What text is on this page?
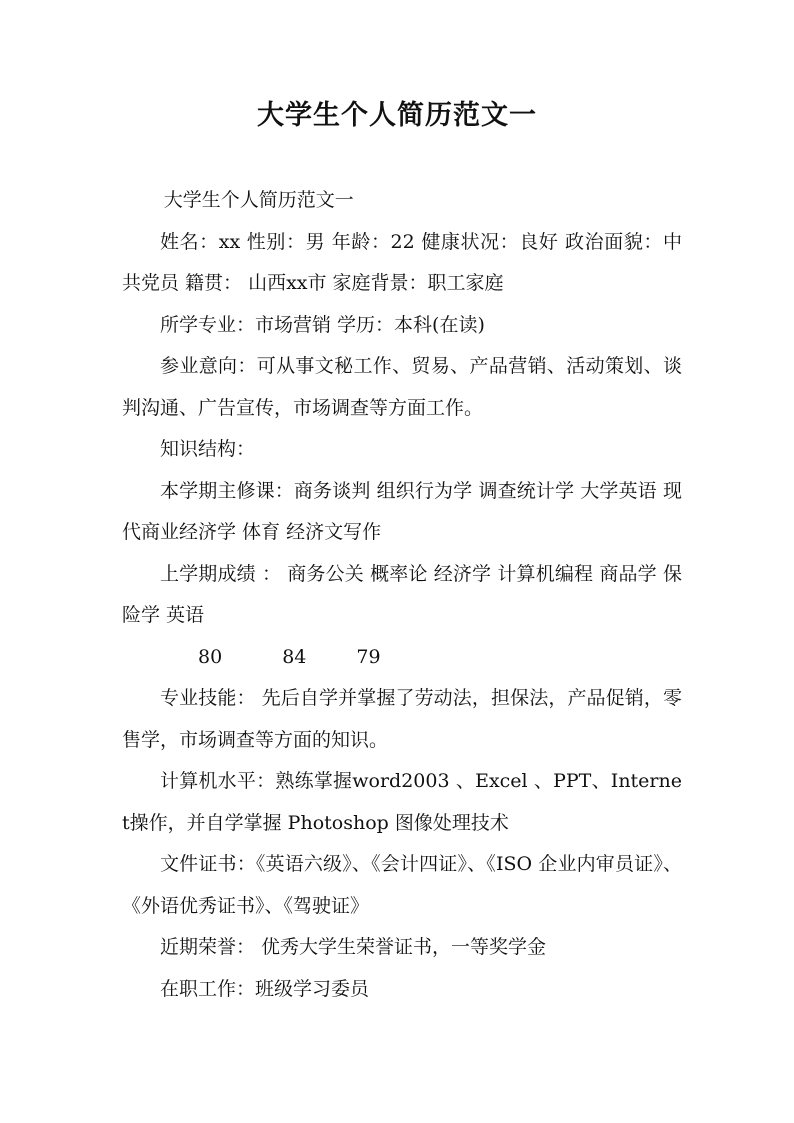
大学生个人简历范文一

大学生个人简历范文一

姓名：xx 性别：男 年龄：22 健康状况：良好 政治面貌：中共党员 籍贯： 山西xx市 家庭背景：职工家庭

所学专业：市场营销 学历：本科(在读)

参业意向：可从事文秘工作、贸易、产品营销、活动策划、谈判沟通、广告宣传，市场调查等方面工作。

知识结构：

本学期主修课：商务谈判 组织行为学 调查统计学 大学英语 现代商业经济学 体育 经济文写作

上学期成绩 ： 商务公关 概率论 经济学 计算机编程 商品学 保险学 英语

80	84	79

专业技能： 先后自学并掌握了劳动法，担保法，产品促销，零售学，市场调查等方面的知识。

计算机水平：熟练掌握word2003 、Excel 、PPT、Internet操作，并自学掌握 Photoshop 图像处理技术

文件证书：《英语六级》、《会计四证》、《ISO 企业内审员证》、《外语优秀证书》、《驾驶证》

近期荣誉： 优秀大学生荣誉证书，一等奖学金

在职工作：班级学习委员
